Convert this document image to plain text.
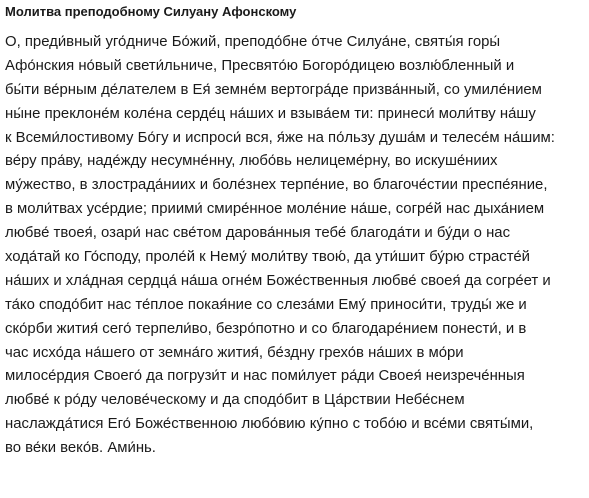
Молитва преподобному Силуану Афонскому
О, преди́вный уго́дниче Бо́жий, преподо́бне о́тче Силуа́не, святы́я горы́
Афо́нския но́вый свети́льниче, Пресвято́ю Богоро́дицею возлю́бленный и
бы́ти ве́рным де́лателем в Ея́ земне́м вертогра́де призва́нный, со умиле́нием
ны́не преклоне́м коле́на серде́ц на́ших и взыва́ем ти: принеси́ моли́тву на́шу
к Всеми́лостивому Бо́гу и испроси́ вся, я́же на по́льзу душа́м и телесе́м на́шим:
ве́ру пра́ву, наде́жду несумне́нну, любо́вь нелицеме́рну, во искуше́ниих
му́жество, в злострада́ниих и боле́знех терпе́ние, во благоче́стии преспе́яние,
в моли́твах усе́рдие; приими́ смире́нное моле́ние на́ше, согре́й нас дыха́нием
любве́ твоея́, озари́ нас све́том дарова́нныя тебе́ благода́ти и бу́ди о нас
хода́тай ко Го́споду, проле́й к Нему́ моли́тву твою́, да ути́шит бу́рю страсте́й
на́ших и хла́дная сердца́ на́ша огне́м Боже́ственныя любве́ своея́ да согре́ет и
та́ко сподо́бит нас те́плое покая́ние со слеза́ми Ему́ приноси́ти, труды́ же и
ско́рби жития́ сего́ терпели́во, безро́потно и со благодаре́нием понести́, и в
час исхо́да на́шего от земна́го жития́, бе́здну грехо́в на́ших в мо́ри
милосе́рдия Своего́ да погрузи́т и нас поми́лует ра́ди Своея́ неизрече́нныя
любве́ к ро́ду челове́ческому и да сподо́бит в Ца́рствии Небе́снем
наслажда́тися Его́ Боже́ственною любо́вию ку́пно с тобо́ю и все́ми святы́ми,
во ве́ки веко́в. Ами́нь.
